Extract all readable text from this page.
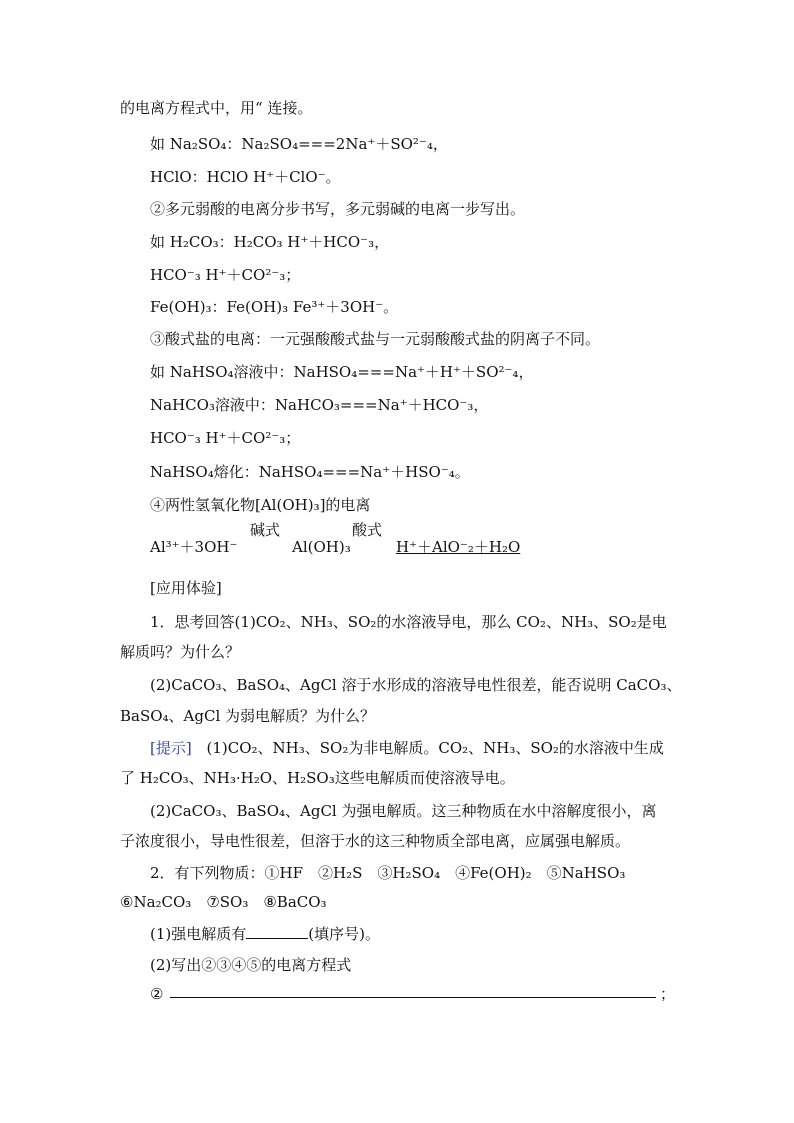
的电离方程式中，用“ 连接。
如 Na₂SO₄：Na₂SO₄===2Na⁺＋SO²⁻₄，
HClO：HClO H⁺＋ClO⁻。
②多元弱酸的电离分步书写，多元弱碱的电离一步写出。
如 H₂CO₃：H₂CO₃ H⁺＋HCO⁻₃，
HCO⁻₃ H⁺＋CO²⁻₃；
Fe(OH)₃：Fe(OH)₃ Fe³⁺＋3OH⁻。
③酸式盐的电离：一元强酸酸式盐与一元弱酸酸式盐的阴离子不同。
如 NaHSO₄溶液中：NaHSO₄===Na⁺＋H⁺＋SO²⁻₄，
NaHCO₃溶液中：NaHCO₃===Na⁺＋HCO⁻₃，
HCO⁻₃ H⁺＋CO²⁻₃；
NaHSO₄熔化：NaHSO₄===Na⁺＋HSO⁻₄。
④两性氢氧化物[Al(OH)₃]的电离
碱式	酸式
Al³⁺＋3OH⁻	Al(OH)₃	H⁺＋AlO⁻₂＋H₂O
[应用体验]
1．思考回答(1)CO₂、NH₃、SO₂的水溶液导电，那么 CO₂、NH₃、SO₂是电
解质吗？为什么？
(2)CaCO₃、BaSO₄、AgCl 溶于水形成的溶液导电性很差，能否说明 CaCO₃、
BaSO₄、AgCl 为弱电解质？为什么？
[提示] (1)CO₂、NH₃、SO₂为非电解质。CO₂、NH₃、SO₂的水溶液中生成
了 H₂CO₃、NH₃·H₂O、H₂SO₃这些电解质而使溶液导电。
(2)CaCO₃、BaSO₄、AgCl 为强电解质。这三种物质在水中溶解度很小，离
子浓度很小，导电性很差，但溶于水的这三种物质全部电离，应属强电解质。
2．有下列物质：①HF　②H₂S　③H₂SO₄　④Fe(OH)₂　⑤NaHSO₃
⑥Na₂CO₃　⑦SO₃　⑧BaCO₃
(1)强电解质有	(填序号)。
(2)写出②③④⑤的电离方程式
②	；
